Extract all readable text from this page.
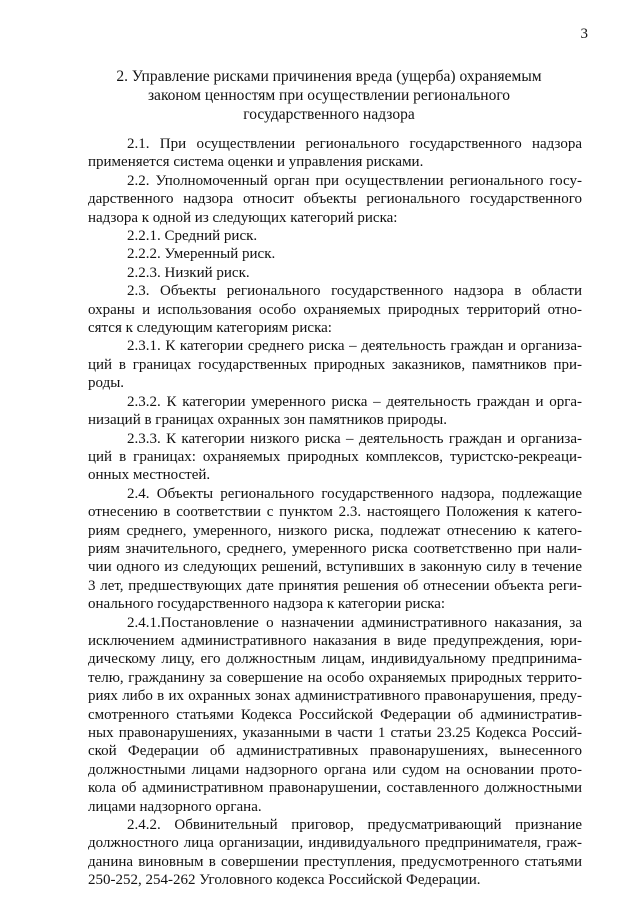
3
2. Управление рисками причинения вреда (ущерба) охраняемым
законом ценностям при осуществлении регионального
государственного надзора
2.1. При осуществлении регионального государственного надзора
применяется система оценки и управления рисками.
2.2. Уполномоченный орган при осуществлении регионального госу-
дарственного надзора относит объекты регионального государственного
надзора к одной из следующих категорий риска:
2.2.1. Средний риск.
2.2.2. Умеренный риск.
2.2.3. Низкий риск.
2.3. Объекты регионального государственного надзора в области
охраны и использования особо охраняемых природных территорий отно-
сятся к следующим категориям риска:
2.3.1. К категории среднего риска – деятельность граждан и организа-
ций в границах государственных природных заказников, памятников при-
роды.
2.3.2. К категории умеренного риска – деятельность граждан и орга-
низаций в границах охранных зон памятников природы.
2.3.3. К категории низкого риска – деятельность граждан и организа-
ций в границах: охраняемых природных комплексов, туристско-рекреаци-
онных местностей.
2.4. Объекты регионального государственного надзора, подлежащие
отнесению в соответствии с пунктом 2.3. настоящего Положения к катего-
риям среднего, умеренного, низкого риска, подлежат отнесению к катего-
риям значительного, среднего, умеренного риска соответственно при нали-
чии одного из следующих решений, вступивших в законную силу в течение
3 лет, предшествующих дате принятия решения об отнесении объекта реги-
онального государственного надзора к категории риска:
2.4.1.Постановление о назначении административного наказания, за
исключением административного наказания в виде предупреждения, юри-
дическому лицу, его должностным лицам, индивидуальному предпринима-
телю, гражданину за совершение на особо охраняемых природных террито-
риях либо в их охранных зонах административного правонарушения, преду-
смотренного статьями Кодекса Российской Федерации об административ-
ных правонарушениях, указанными в части 1 статьи 23.25 Кодекса Россий-
ской Федерации об административных правонарушениях, вынесенного
должностными лицами надзорного органа или судом на основании прото-
кола об административном правонарушении, составленного должностными
лицами надзорного органа.
2.4.2. Обвинительный приговор, предусматривающий признание
должностного лица организации, индивидуального предпринимателя, граж-
данина виновным в совершении преступления, предусмотренного статьями
250-252, 254-262 Уголовного кодекса Российской Федерации.
